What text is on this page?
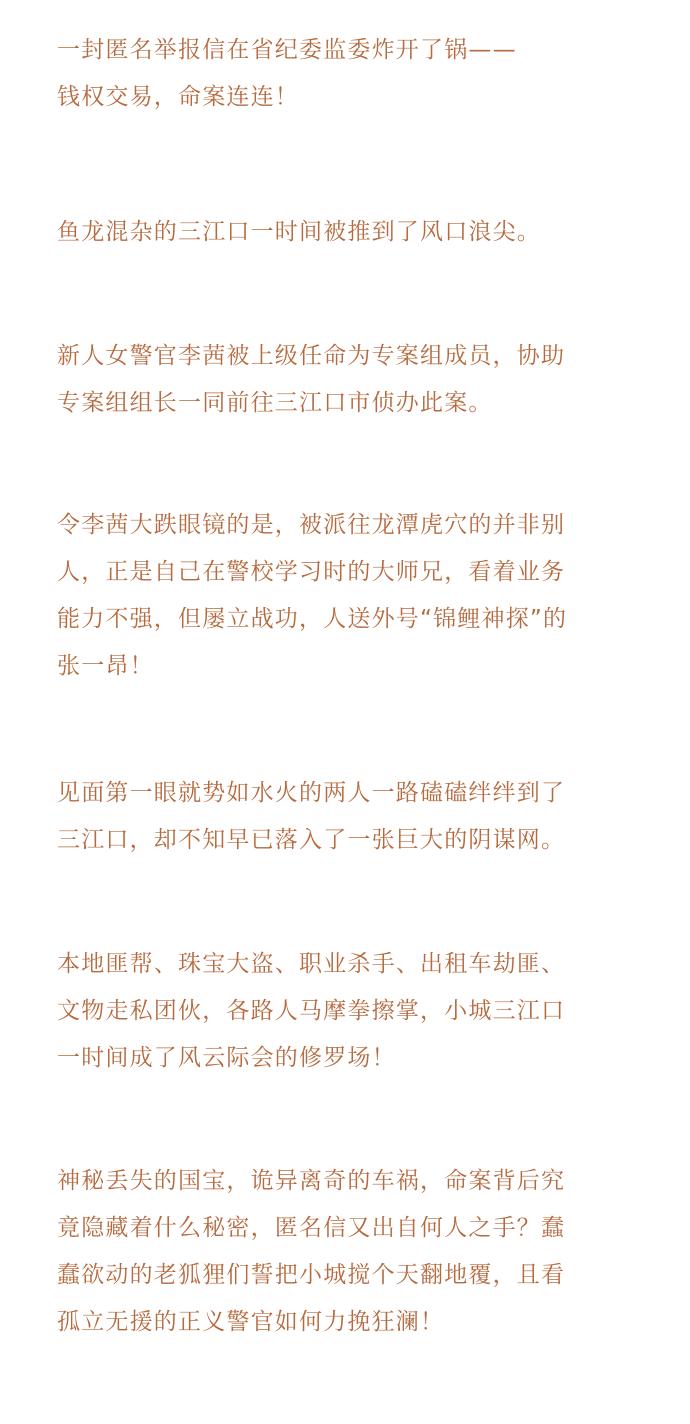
一封匿名举报信在省纪委监委炸开了锅——
钱权交易，命案连连！

鱼龙混杂的三江口一时间被推到了风口浪尖。

新人女警官李茜被上级任命为专案组成员，协助
专案组组长一同前往三江口市侦办此案。

令李茜大跌眼镜的是，被派往龙潭虎穴的并非别
人，正是自己在警校学习时的大师兄，看着业务
能力不强，但屡立战功，人送外号“锦鲤神探”的
张一昂！

见面第一眼就势如水火的两人一路磕磕绊绊到了
三江口，却不知早已落入了一张巨大的阴谋网。

本地匪帮、珠宝大盗、职业杀手、出租车劫匪、
文物走私团伙，各路人马摩拳擦掌，小城三江口
一时间成了风云际会的修罗场！

神秘丢失的国宝，诡异离奇的车祸，命案背后究
竟隐藏着什么秘密，匿名信又出自何人之手？蠢
蠢欲动的老狐狸们誓把小城搅个天翻地覆，且看
孤立无援的正义警官如何力挽狂澜！
